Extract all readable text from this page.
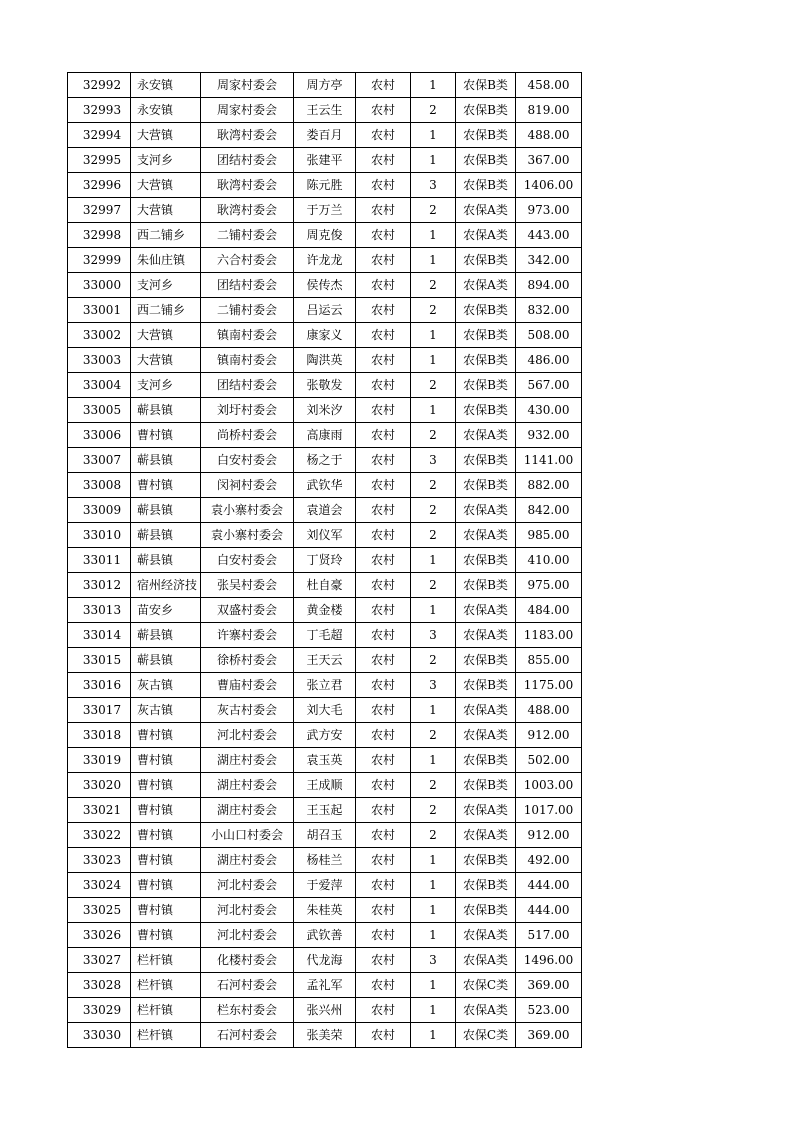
32992	永安镇	周家村委会	周方亭	农村	1	农保B类	458.00
32993	永安镇	周家村委会	王云生	农村	2	农保B类	819.00
32994	大营镇	耿湾村委会	娄百月	农村	1	农保B类	488.00
32995	支河乡	团结村委会	张建平	农村	1	农保B类	367.00
32996	大营镇	耿湾村委会	陈元胜	农村	3	农保B类	1406.00
32997	大营镇	耿湾村委会	于万兰	农村	2	农保A类	973.00
32998	西二铺乡	二铺村委会	周克俊	农村	1	农保A类	443.00
32999	朱仙庄镇	六合村委会	许龙龙	农村	1	农保B类	342.00
33000	支河乡	团结村委会	侯传杰	农村	2	农保A类	894.00
33001	西二铺乡	二铺村委会	吕运云	农村	2	农保B类	832.00
33002	大营镇	镇南村委会	康家义	农村	1	农保B类	508.00
33003	大营镇	镇南村委会	陶洪英	农村	1	农保B类	486.00
33004	支河乡	团结村委会	张敬发	农村	2	农保B类	567.00
33005	蕲县镇	刘圩村委会	刘米汐	农村	1	农保B类	430.00
33006	曹村镇	尚桥村委会	高康雨	农村	2	农保A类	932.00
33007	蕲县镇	白安村委会	杨之于	农村	3	农保B类	1141.00
33008	曹村镇	闵祠村委会	武钦华	农村	2	农保B类	882.00
33009	蕲县镇	袁小寨村委会	袁道会	农村	2	农保A类	842.00
33010	蕲县镇	袁小寨村委会	刘仪军	农村	2	农保A类	985.00
33011	蕲县镇	白安村委会	丁贤玲	农村	1	农保B类	410.00
33012	宿州经济技	张吴村委会	杜自豪	农村	2	农保B类	975.00
33013	苗安乡	双盛村委会	黄金楼	农村	1	农保A类	484.00
33014	蕲县镇	许寨村委会	丁毛超	农村	3	农保A类	1183.00
33015	蕲县镇	徐桥村委会	王天云	农村	2	农保B类	855.00
33016	灰古镇	曹庙村委会	张立君	农村	3	农保B类	1175.00
33017	灰古镇	灰古村委会	刘大毛	农村	1	农保A类	488.00
33018	曹村镇	河北村委会	武方安	农村	2	农保A类	912.00
33019	曹村镇	湖庄村委会	袁玉英	农村	1	农保B类	502.00
33020	曹村镇	湖庄村委会	王成顺	农村	2	农保B类	1003.00
33021	曹村镇	湖庄村委会	王玉起	农村	2	农保A类	1017.00
33022	曹村镇	小山口村委会	胡召玉	农村	2	农保A类	912.00
33023	曹村镇	湖庄村委会	杨桂兰	农村	1	农保B类	492.00
33024	曹村镇	河北村委会	于爱萍	农村	1	农保B类	444.00
33025	曹村镇	河北村委会	朱桂英	农村	1	农保B类	444.00
33026	曹村镇	河北村委会	武钦善	农村	1	农保A类	517.00
33027	栏杆镇	化楼村委会	代龙海	农村	3	农保A类	1496.00
33028	栏杆镇	石河村委会	孟礼军	农村	1	农保C类	369.00
33029	栏杆镇	栏东村委会	张兴州	农村	1	农保A类	523.00
33030	栏杆镇	石河村委会	张美荣	农村	1	农保C类	369.00
